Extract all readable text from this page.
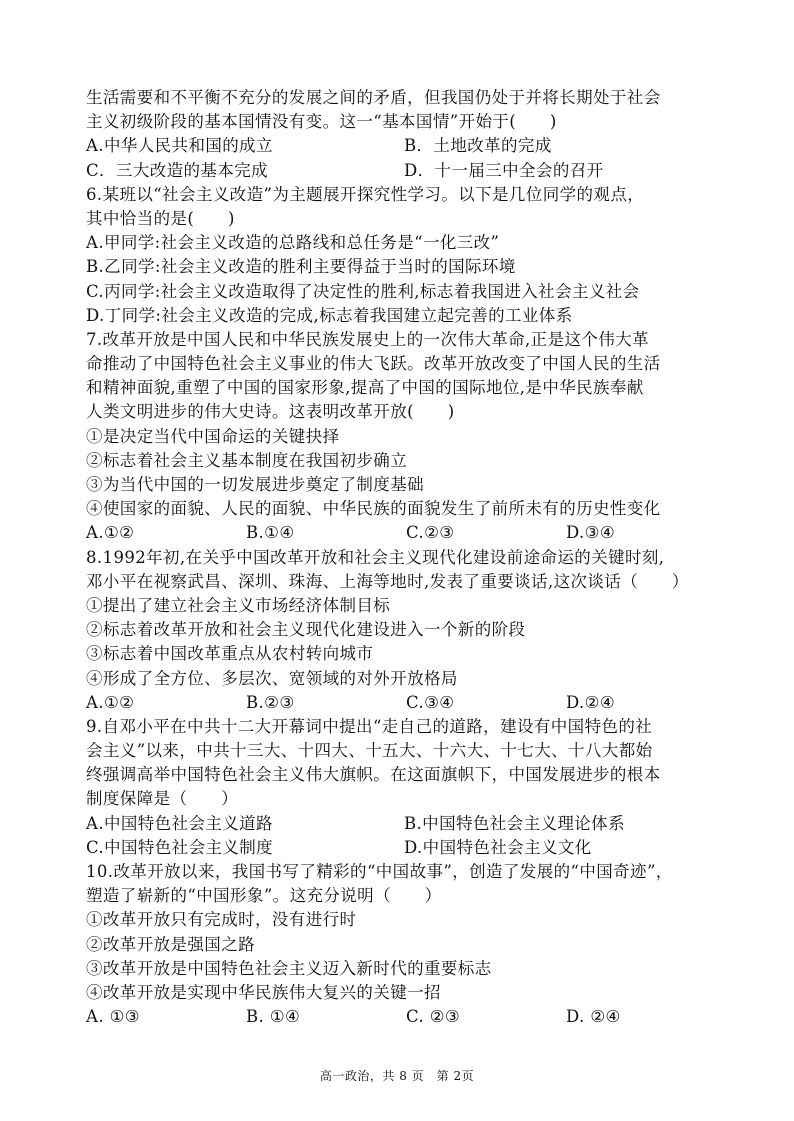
生活需要和不平衡不充分的发展之间的矛盾，但我国仍处于并将长期处于社会
主义初级阶段的基本国情没有变。这一“基本国情”开始于(　　)
A.中华人民共和国的成立	B．土地改革的完成
C．三大改造的基本完成	D．十一届三中全会的召开
6.某班以“社会主义改造”为主题展开探究性学习。以下是几位同学的观点，
其中恰当的是(　　)
A.甲同学:社会主义改造的总路线和总任务是“一化三改”
B.乙同学:社会主义改造的胜利主要得益于当时的国际环境
C.丙同学:社会主义改造取得了决定性的胜利,标志着我国进入社会主义社会
D.丁同学:社会主义改造的完成,标志着我国建立起完善的工业体系
7.改革开放是中国人民和中华民族发展史上的一次伟大革命,正是这个伟大革
命推动了中国特色社会主义事业的伟大飞跃。改革开放改变了中国人民的生活
和精神面貌,重塑了中国的国家形象,提高了中国的国际地位,是中华民族奉献
人类文明进步的伟大史诗。这表明改革开放(　　)
①是决定当代中国命运的关键抉择
②标志着社会主义基本制度在我国初步确立
③为当代中国的一切发展进步奠定了制度基础
④使国家的面貌、人民的面貌、中华民族的面貌发生了前所未有的历史性变化
A.①②	B.①④	C.②③	D.③④
8.1992年初,在关乎中国改革开放和社会主义现代化建设前途命运的关键时刻,
邓小平在视察武昌、深圳、珠海、上海等地时,发表了重要谈话,这次谈话（　　）
①提出了建立社会主义市场经济体制目标
②标志着改革开放和社会主义现代化建设进入一个新的阶段
③标志着中国改革重点从农村转向城市
④形成了全方位、多层次、宽领域的对外开放格局
A.①②	B.②③	C.③④	D.②④
9.自邓小平在中共十二大开幕词中提出“走自己的道路，建设有中国特色的社
会主义”以来，中共十三大、十四大、十五大、十六大、十七大、十八大都始
终强调高举中国特色社会主义伟大旗帜。在这面旗帜下，中国发展进步的根本
制度保障是（　　）
A.中国特色社会主义道路	B.中国特色社会主义理论体系
C.中国特色社会主义制度	D.中国特色社会主义文化
10.改革开放以来，我国书写了精彩的“中国故事”，创造了发展的“中国奇迹”，
塑造了崭新的“中国形象”。这充分说明（　　）
①改革开放只有完成时，没有进行时
②改革开放是强国之路
③改革开放是中国特色社会主义迈入新时代的重要标志
④改革开放是实现中华民族伟大复兴的关键一招
A. ①③	B. ①④	C. ②③	D. ②④
高一政治，共 8 页　第 2页
